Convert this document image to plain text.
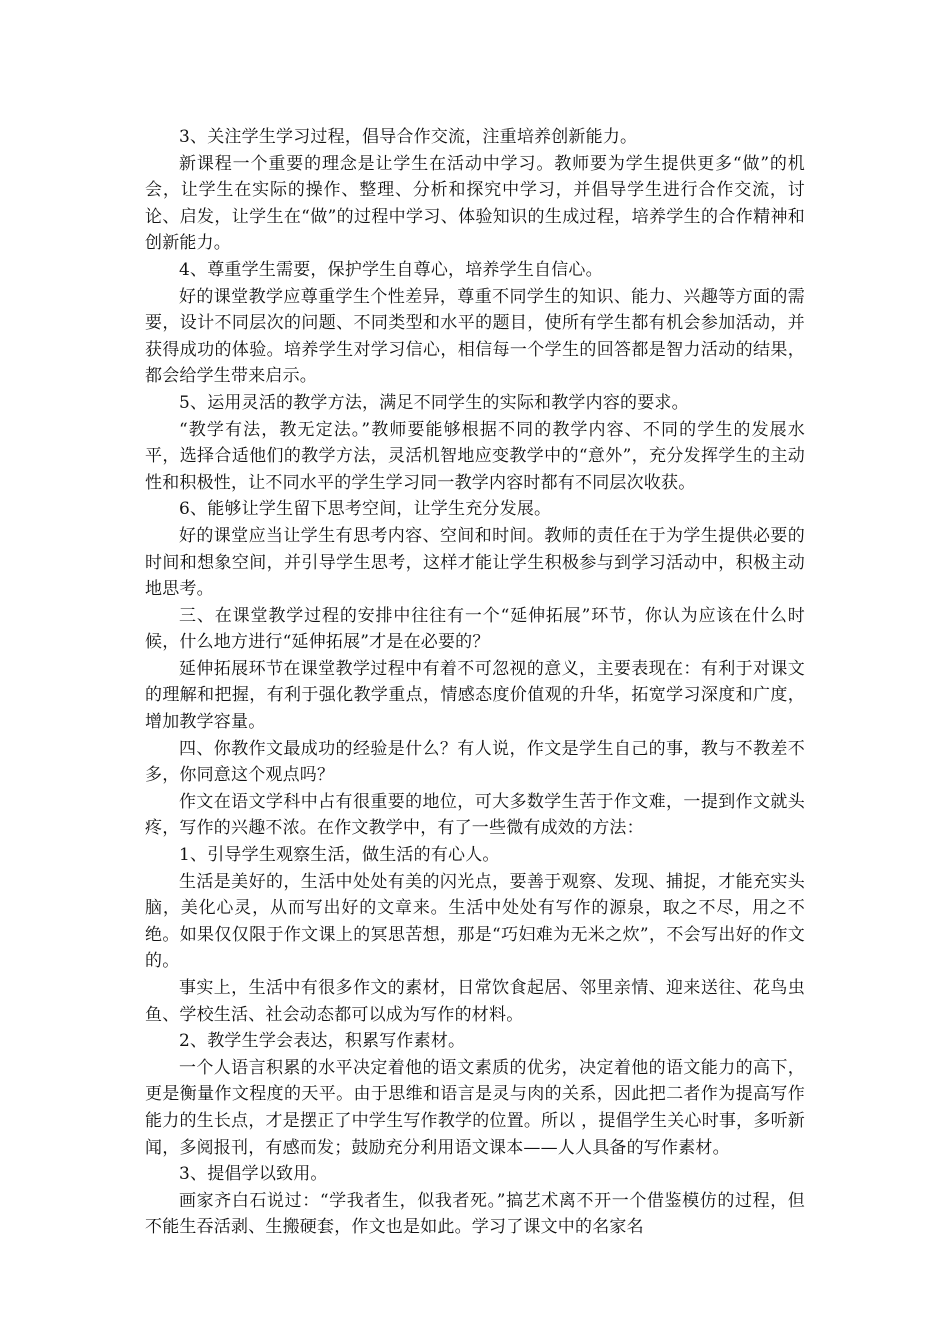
3、关注学生学习过程，倡导合作交流，注重培养创新能力。

新课程一个重要的理念是让学生在活动中学习。教师要为学生提供更多“做”的机会，让学生在实际的操作、整理、分析和探究中学习，并倡导学生进行合作交流，讨论、启发，让学生在“做”的过程中学习、体验知识的生成过程，培养学生的合作精神和创新能力。

4、尊重学生需要，保护学生自尊心，培养学生自信心。

好的课堂教学应尊重学生个性差异，尊重不同学生的知识、能力、兴趣等方面的需要，设计不同层次的问题、不同类型和水平的题目，使所有学生都有机会参加活动，并获得成功的体验。培养学生对学习信心，相信每一个学生的回答都是智力活动的结果，都会给学生带来启示。

5、运用灵活的教学方法，满足不同学生的实际和教学内容的要求。

“教学有法，教无定法。”教师要能够根据不同的教学内容、不同的学生的发展水平，选择合适他们的教学方法，灵活机智地应变教学中的“意外”，充分发挥学生的主动性和积极性，让不同水平的学生学习同一教学内容时都有不同层次收获。

6、能够让学生留下思考空间，让学生充分发展。

好的课堂应当让学生有思考内容、空间和时间。教师的责任在于为学生提供必要的时间和想象空间，并引导学生思考，这样才能让学生积极参与到学习活动中，积极主动地思考。

三、在课堂教学过程的安排中往往有一个“延伸拓展”环节，你认为应该在什么时候，什么地方进行“延伸拓展”才是在必要的？

延伸拓展环节在课堂教学过程中有着不可忽视的意义，主要表现在：有利于对课文的理解和把握，有利于强化教学重点，情感态度价值观的升华，拓宽学习深度和广度，增加教学容量。

四、你教作文最成功的经验是什么？有人说，作文是学生自己的事，教与不教差不多，你同意这个观点吗？

作文在语文学科中占有很重要的地位，可大多数学生苦于作文难，一提到作文就头疼，写作的兴趣不浓。在作文教学中，有了一些微有成效的方法：

1、引导学生观察生活，做生活的有心人。

生活是美好的，生活中处处有美的闪光点，要善于观察、发现、捕捉，才能充实头脑，美化心灵，从而写出好的文章来。生活中处处有写作的源泉，取之不尽，用之不绝。如果仅仅限于作文课上的冥思苦想，那是“巧妇难为无米之炊”，不会写出好的作文的。

事实上，生活中有很多作文的素材，日常饮食起居、邻里亲情、迎来送往、花鸟虫鱼、学校生活、社会动态都可以成为写作的材料。

2、教学生学会表达，积累写作素材。

一个人语言积累的水平决定着他的语文素质的优劣，决定着他的语文能力的高下，更是衡量作文程度的天平。由于思维和语言是灵与肉的关系，因此把二者作为提高写作能力的生长点，才是摆正了中学生写作教学的位置。所以 ，提倡学生关心时事，多听新闻，多阅报刊，有感而发；鼓励充分利用语文课本——人人具备的写作素材。

3、提倡学以致用。

画家齐白石说过：“学我者生，似我者死。”搞艺术离不开一个借鉴模仿的过程，但不能生吞活剥、生搬硬套，作文也是如此。学习了课文中的名家名
